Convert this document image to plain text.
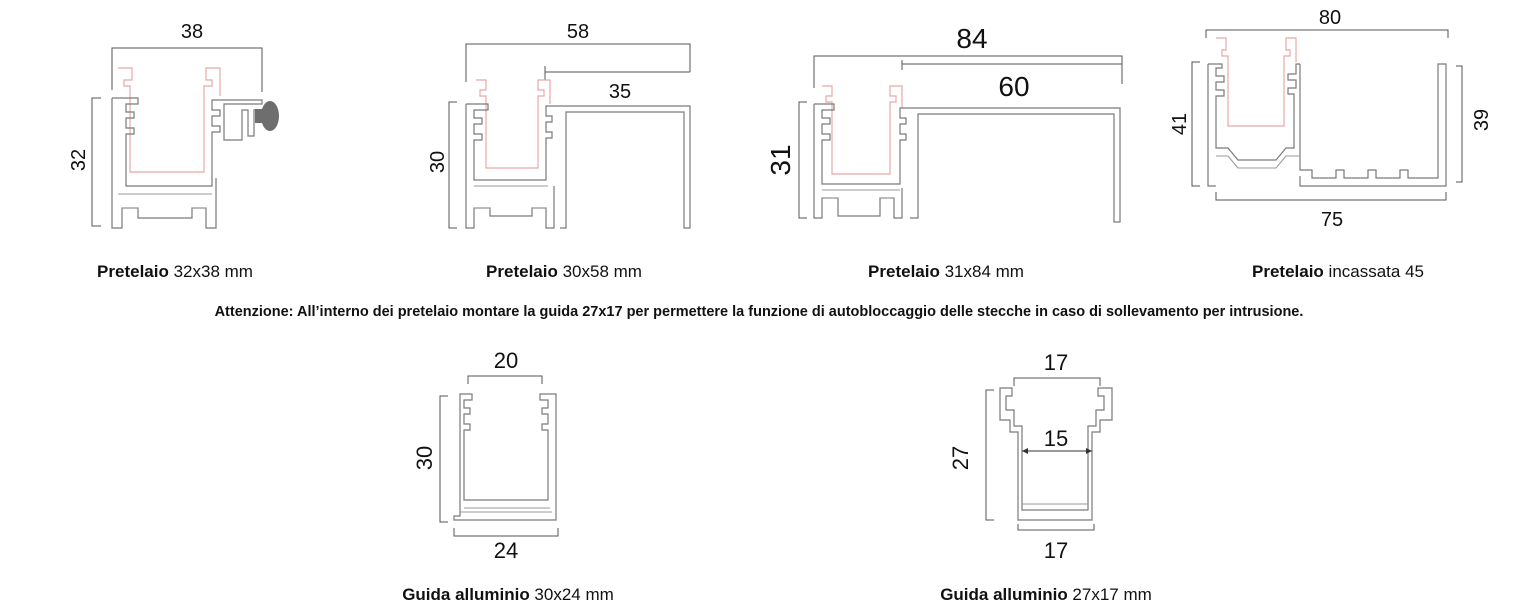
38
32
58
35
30
84
60
31
80
41	39
75
20
30
24
17
15
27
17
Pretelaio 32x38 mm	Pretelaio 30x58 mm	Pretelaio 31x84 mm	Pretelaio incassata 45
Attenzione: All’interno dei pretelaio montare la guida 27x17 per permettere la funzione di autobloccaggio delle stecche in caso di sollevamento per intrusione.
Guida alluminio 30x24 mm	Guida alluminio 27x17 mm
